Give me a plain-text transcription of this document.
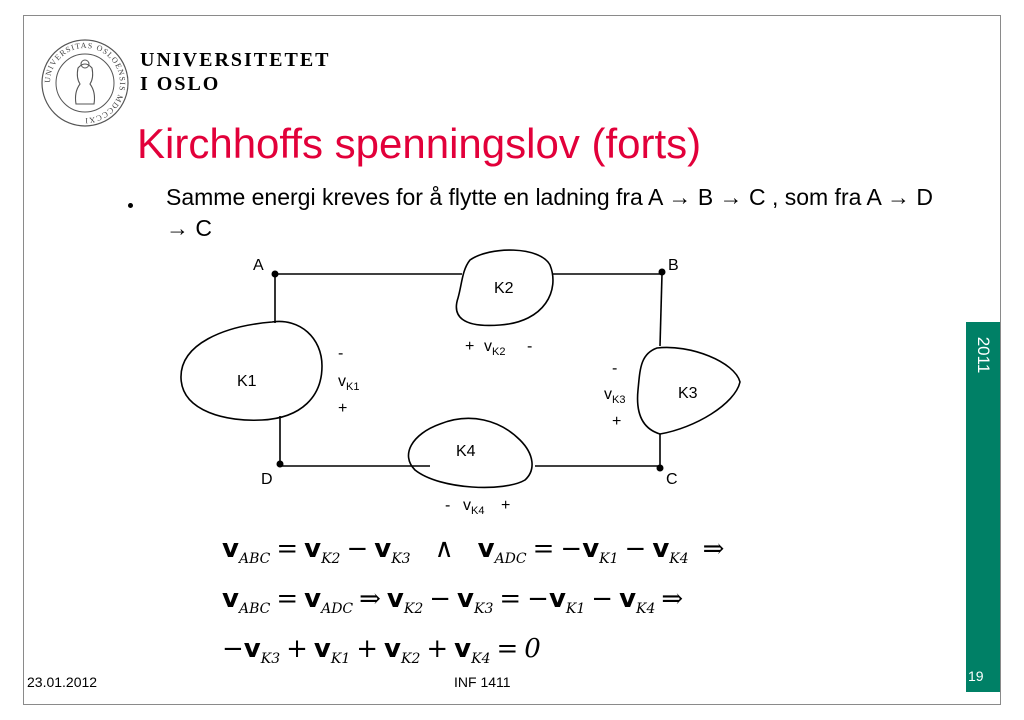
UNIVERSITAS OSLOENSIS MDCCCXI
UNIVERSITETET
I OSLO
Kirchhoffs spenningslov (forts)
Samme energi kreves for å flytte en ladning fra A → B → C , som fra A → D → C
A	B
C
D
K1
K2
K3
K4
-
$v_{K1}$
+
+ $v_{K2}$ -
-
$v_{K3}$
+
- $v_{K4}$ +
$v_{ABC} = v_{K2} - v_{K3}$ ∧ $v_{ADC} = -v_{K1} - v_{K4}$ ⇒
$v_{ABC} = v_{ADC}$ ⇒ $v_{K2} - v_{K3} = -v_{K1} - v_{K4}$ ⇒
$-v_{K3} + v_{K1} + v_{K2} + v_{K4} = 0$
23.01.2012	INF 1411
2011
19
